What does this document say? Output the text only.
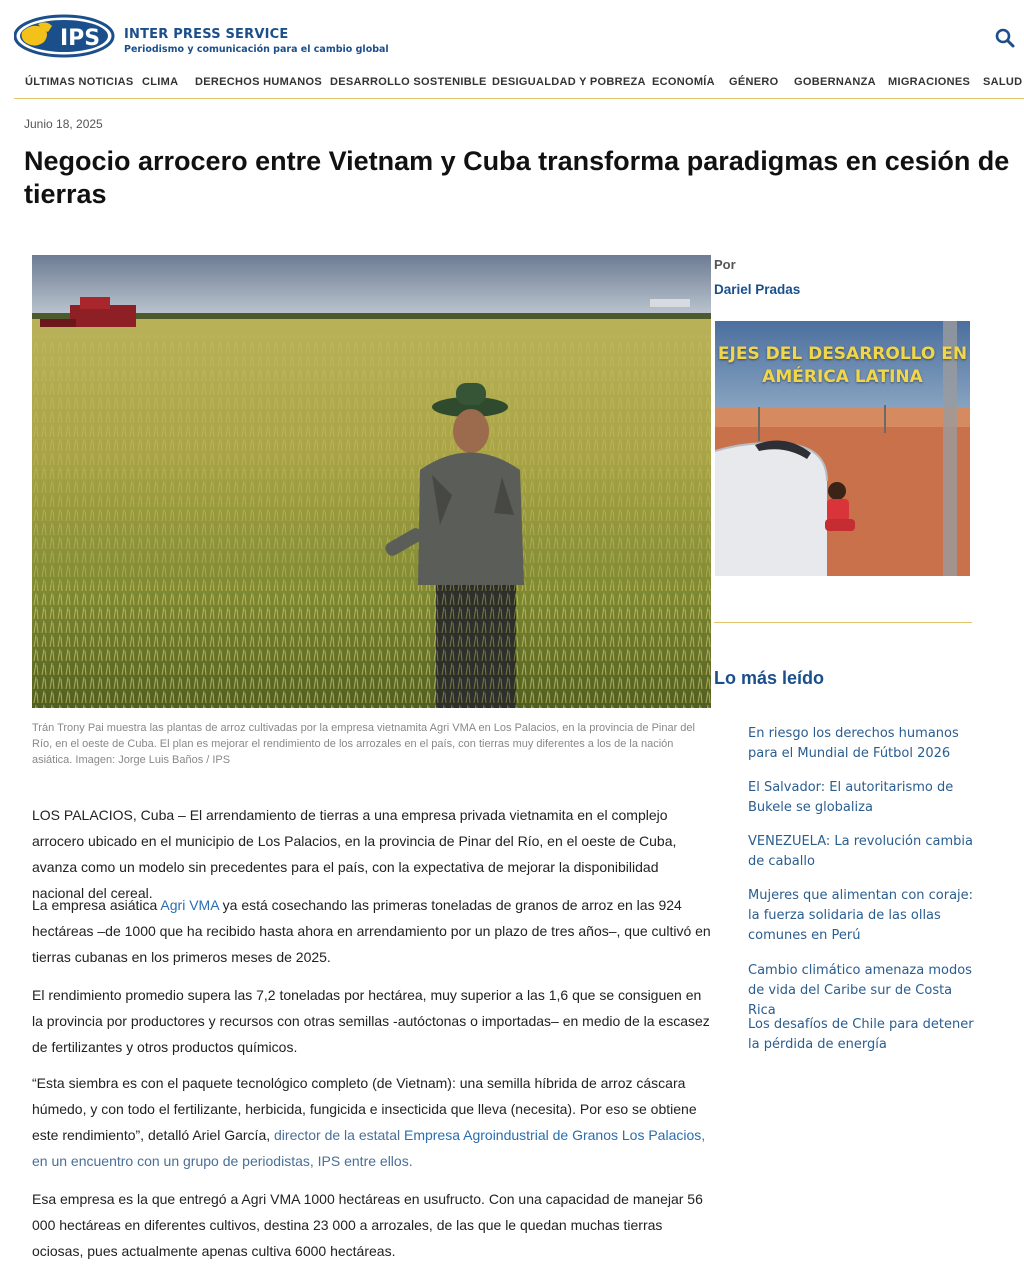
IPS INTER PRESS SERVICE
Periodismo y comunicación para el cambio global
ÚLTIMAS NOTICIAS CLIMA DERECHOS HUMANOS DESARROLLO SOSTENIBLE DESIGUALDAD Y POBREZA ECONOMÍA GÉNERO GOBERNANZA MIGRACIONES SALUD
Junio 18, 2025
Negocio arrocero entre Vietnam y Cuba transforma paradigmas en cesión de tierras
Trán Trony Pai muestra las plantas de arroz cultivadas por la empresa vietnamita Agri VMA en Los Palacios, en la provincia de Pinar del Río, en el oeste de Cuba. El plan es mejorar el rendimiento de los arrozales en el país, con tierras muy diferentes a los de la nación asiática. Imagen: Jorge Luis Baños / IPS

LOS PALACIOS, Cuba – El arrendamiento de tierras a una empresa privada vietnamita en el complejo arrocero ubicado en el municipio de Los Palacios, en la provincia de Pinar del Río, en el oeste de Cuba, avanza como un modelo sin precedentes para el país, con la expectativa de mejorar la disponibilidad nacional del cereal.

La empresa asiática Agri VMA ya está cosechando las primeras toneladas de granos de arroz en las 924 hectáreas –de 1000 que ha recibido hasta ahora en arrendamiento por un plazo de tres años–, que cultivó en tierras cubanas en los primeros meses de 2025.

El rendimiento promedio supera las 7,2 toneladas por hectárea, muy superior a las 1,6 que se consiguen en la provincia por productores y recursos con otras semillas -autóctonas o importadas– en medio de la escasez de fertilizantes y otros productos químicos.

“Esta siembra es con el paquete tecnológico completo (de Vietnam): una semilla híbrida de arroz cáscara húmedo, y con todo el fertilizante, herbicida, fungicida e insecticida que lleva (necesita). Por eso se obtiene este rendimiento”, detalló Ariel García, director de la estatal Empresa Agroindustrial de Granos Los Palacios, en un encuentro con un grupo de periodistas, IPS entre ellos.

Esa empresa es la que entregó a Agri VMA 1000 hectáreas en usufructo. Con una capacidad de manejar 56 000 hectáreas en diferentes cultivos, destina 23 000 a arrozales, de las que le quedan muchas tierras ociosas, pues actualmente apenas cultiva 6000 hectáreas.

Por
Dariel Pradas
EJES DEL DESARROLLO EN AMÉRICA LATINA
Lo más leído
En riesgo los derechos humanos para el Mundial de Fútbol 2026
El Salvador: El autoritarismo de Bukele se globaliza
VENEZUELA: La revolución cambia de caballo
Mujeres que alimentan con coraje: la fuerza solidaria de las ollas comunes en Perú
Cambio climático amenaza modos de vida del Caribe sur de Costa Rica
Los desafíos de Chile para detener la pérdida de energía
